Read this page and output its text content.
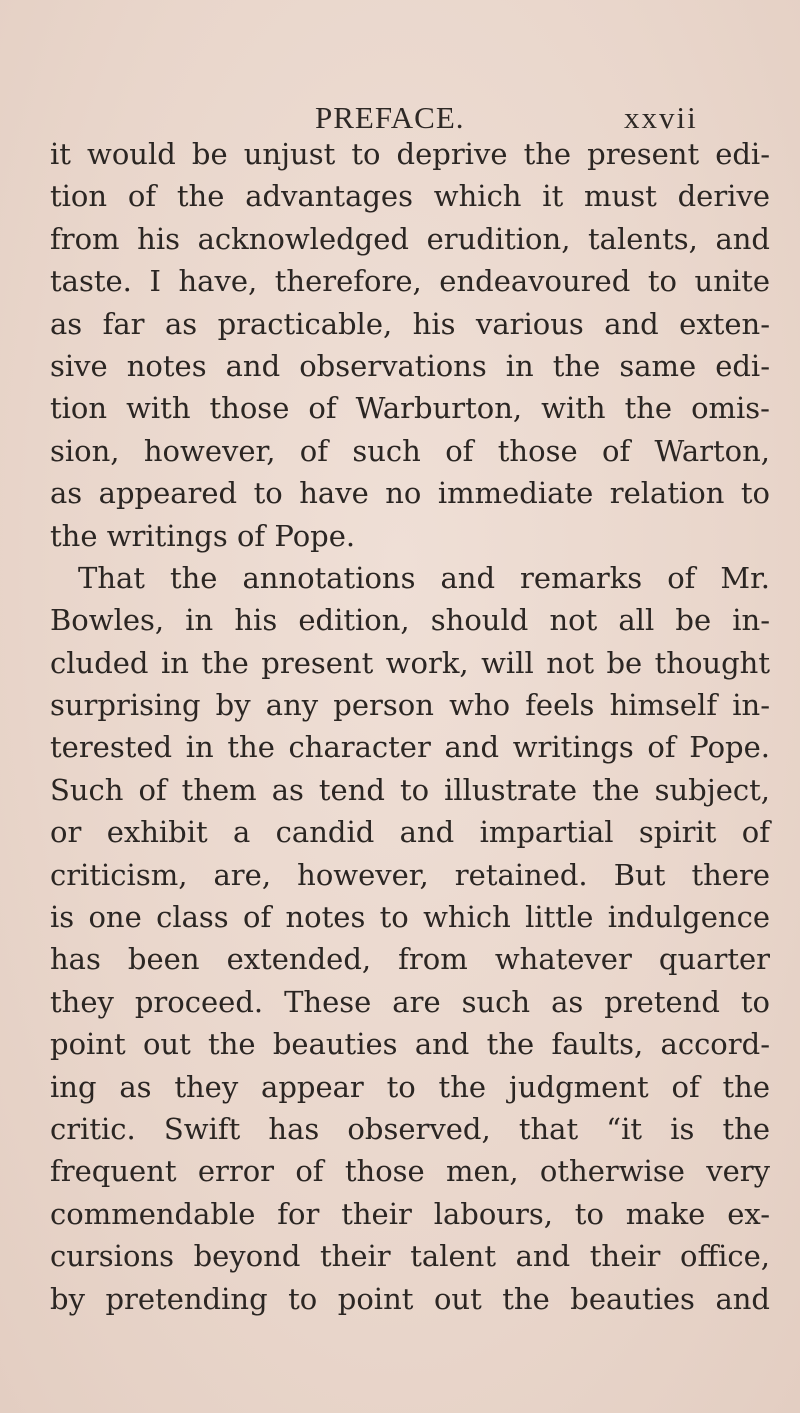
PREFACE.	xxvii
it would be unjust to deprive the present edi-
tion of the advantages which it must derive
from his acknowledged erudition, talents, and
taste. I have, therefore, endeavoured to unite
as far as practicable, his various and exten-
sive notes and observations in the same edi-
tion with those of Warburton, with the omis-
sion, however, of such of those of Warton,
as appeared to have no immediate relation to
the writings of Pope.
That the annotations and remarks of Mr.
Bowles, in his edition, should not all be in-
cluded in the present work, will not be thought
surprising by any person who feels himself in-
terested in the character and writings of Pope.
Such of them as tend to illustrate the subject,
or exhibit a candid and impartial spirit of
criticism, are, however, retained. But there
is one class of notes to which little indulgence
has been extended, from whatever quarter
they proceed. These are such as pretend to
point out the beauties and the faults, accord-
ing as they appear to the judgment of the
critic. Swift has observed, that “it is the
frequent error of those men, otherwise very
commendable for their labours, to make ex-
cursions beyond their talent and their office,
by pretending to point out the beauties and
